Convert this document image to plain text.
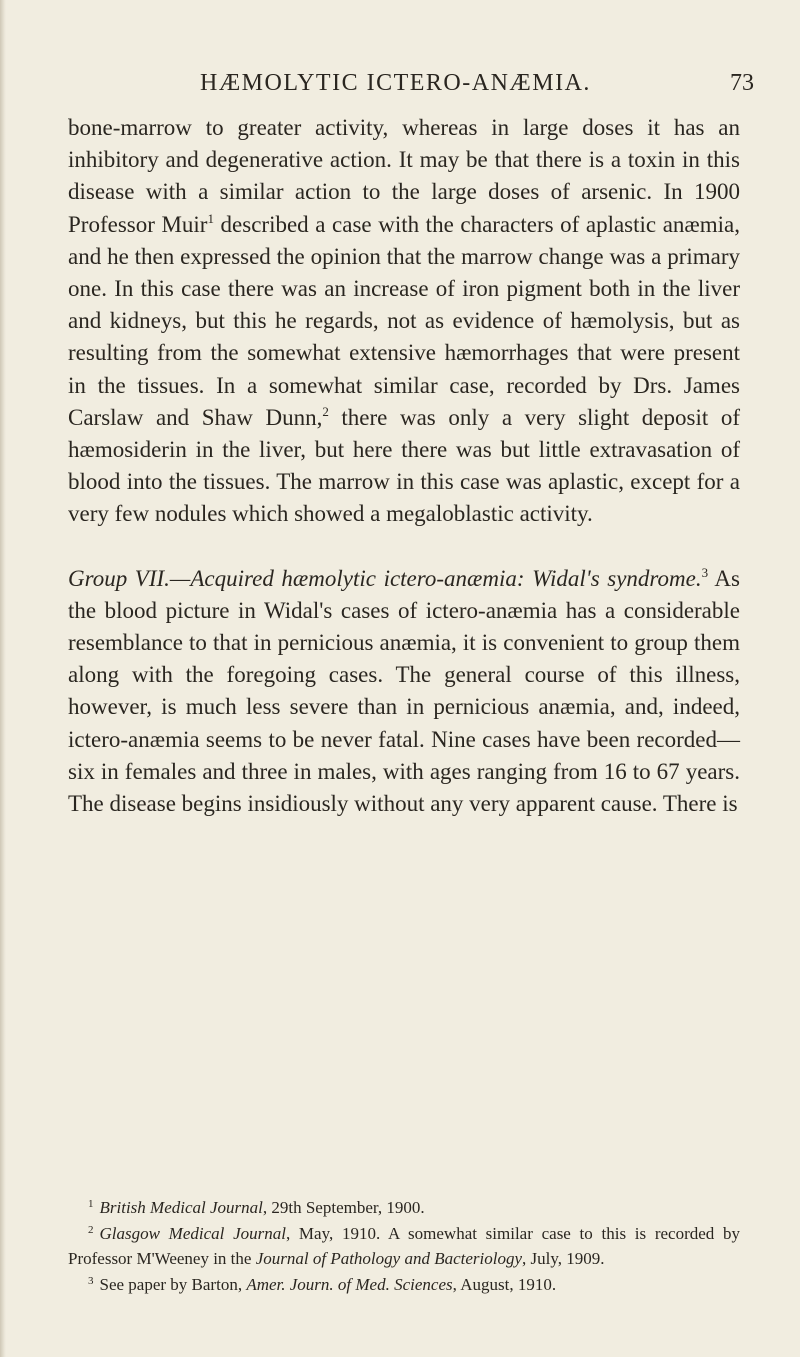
HÆMOLYTIC ICTERO-ANÆMIA.	73

bone-marrow to greater activity, whereas in large doses it has an inhibitory and degenerative action. It may be that there is a toxin in this disease with a similar action to the large doses of arsenic. In 1900 Professor Muir$^1$ described a case with the characters of aplastic anæmia, and he then expressed the opinion that the marrow change was a primary one. In this case there was an increase of iron pigment both in the liver and kidneys, but this he regards, not as evidence of hæmolysis, but as resulting from the somewhat extensive hæmorrhages that were present in the tissues. In a somewhat similar case, recorded by Drs. James Carslaw and Shaw Dunn,$^2$ there was only a very slight deposit of hæmosiderin in the liver, but here there was but little extravasation of blood into the tissues. The marrow in this case was aplastic, except for a very few nodules which showed a megaloblastic activity.

Group VII.—Acquired hæmolytic ictero-anæmia: Widal's syndrome.$^3$ As the blood picture in Widal's cases of ictero-anæmia has a considerable resemblance to that in pernicious anæmia, it is convenient to group them along with the foregoing cases. The general course of this illness, however, is much less severe than in pernicious anæmia, and, indeed, ictero-anæmia seems to be never fatal. Nine cases have been recorded—six in females and three in males, with ages ranging from 16 to 67 years. The disease begins insidiously without any very apparent cause. There is

$^1$ British Medical Journal, 29th September, 1900.

$^2$ Glasgow Medical Journal, May, 1910. A somewhat similar case to this is recorded by Professor M'Weeney in the Journal of Pathology and Bacteriology, July, 1909.

$^3$ See paper by Barton, Amer. Journ. of Med. Sciences, August, 1910.
